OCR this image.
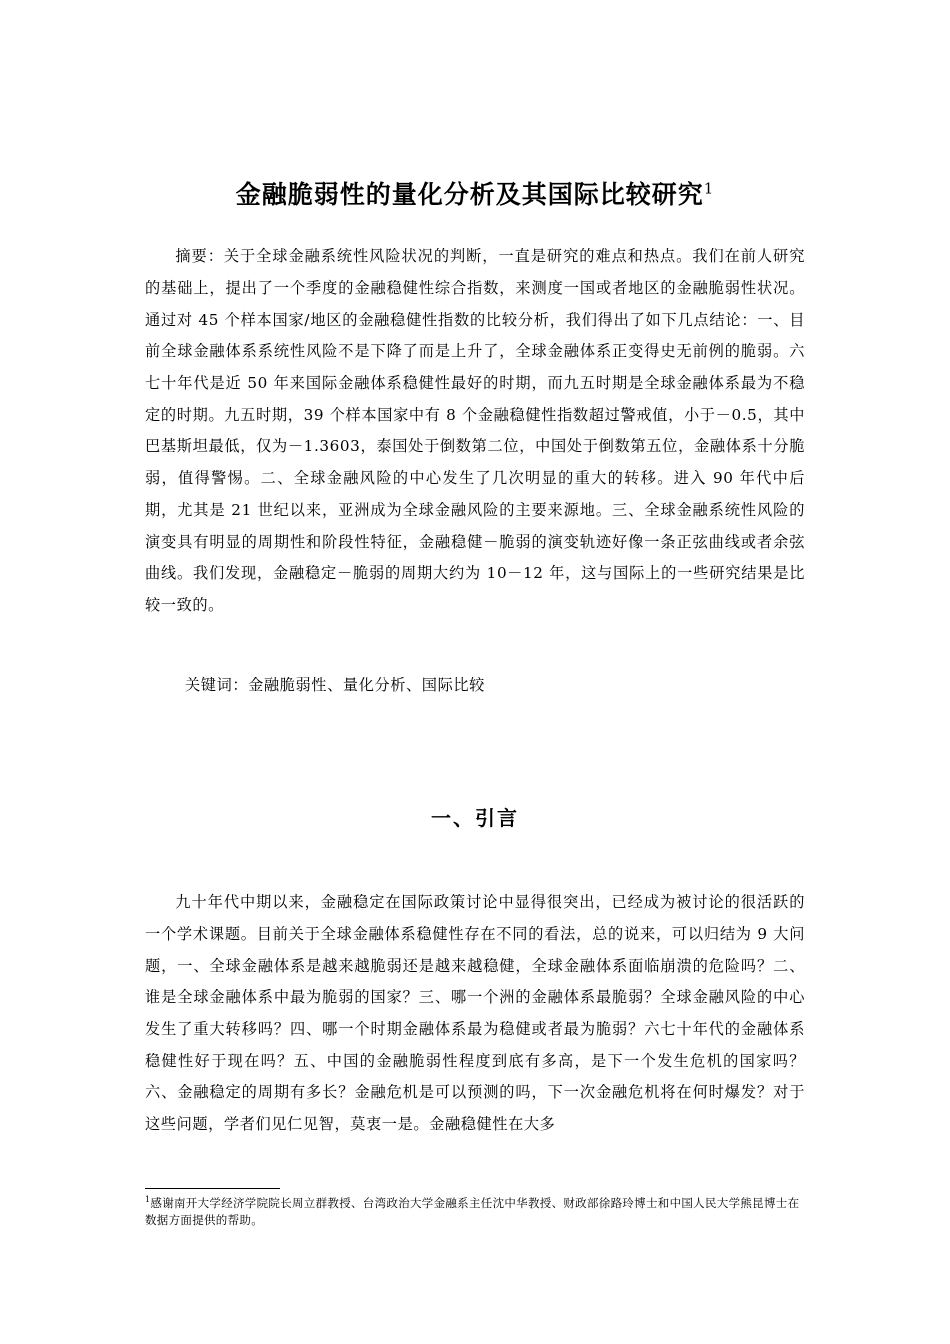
金融脆弱性的量化分析及其国际比较研究$^1$

摘要：关于全球金融系统性风险状况的判断，一直是研究的难点和热点。我们在前人研究的基础上，提出了一个季度的金融稳健性综合指数，来测度一国或者地区的金融脆弱性状况。通过对 45 个样本国家/地区的金融稳健性指数的比较分析，我们得出了如下几点结论：一、目前全球金融体系系统性风险不是下降了而是上升了，全球金融体系正变得史无前例的脆弱。六七十年代是近 50 年来国际金融体系稳健性最好的时期，而九五时期是全球金融体系最为不稳定的时期。九五时期，39 个样本国家中有 8 个金融稳健性指数超过警戒值，小于－0.5，其中巴基斯坦最低，仅为－1.3603，泰国处于倒数第二位，中国处于倒数第五位，金融体系十分脆弱，值得警惕。二、全球金融风险的中心发生了几次明显的重大的转移。进入 90 年代中后期，尤其是 21 世纪以来，亚洲成为全球金融风险的主要来源地。三、全球金融系统性风险的演变具有明显的周期性和阶段性特征，金融稳健－脆弱的演变轨迹好像一条正弦曲线或者余弦曲线。我们发现，金融稳定－脆弱的周期大约为 10－12 年，这与国际上的一些研究结果是比较一致的。

关键词：金融脆弱性、量化分析、国际比较
一、引言

九十年代中期以来，金融稳定在国际政策讨论中显得很突出，已经成为被讨论的很活跃的一个学术课题。目前关于全球金融体系稳健性存在不同的看法，总的说来，可以归结为 9 大问题，一、全球金融体系是越来越脆弱还是越来越稳健，全球金融体系面临崩溃的危险吗？二、谁是全球金融体系中最为脆弱的国家？三、哪一个洲的金融体系最脆弱？全球金融风险的中心发生了重大转移吗？四、哪一个时期金融体系最为稳健或者最为脆弱？六七十年代的金融体系稳健性好于现在吗？五、中国的金融脆弱性程度到底有多高，是下一个发生危机的国家吗？六、金融稳定的周期有多长？金融危机是可以预测的吗，下一次金融危机将在何时爆发？对于这些问题，学者们见仁见智，莫衷一是。金融稳健性在大多

$^1$感谢南开大学经济学院院长周立群教授、台湾政治大学金融系主任沈中华教授、财政部徐路玲博士和中国人民大学熊昆博士在数据方面提供的帮助。
